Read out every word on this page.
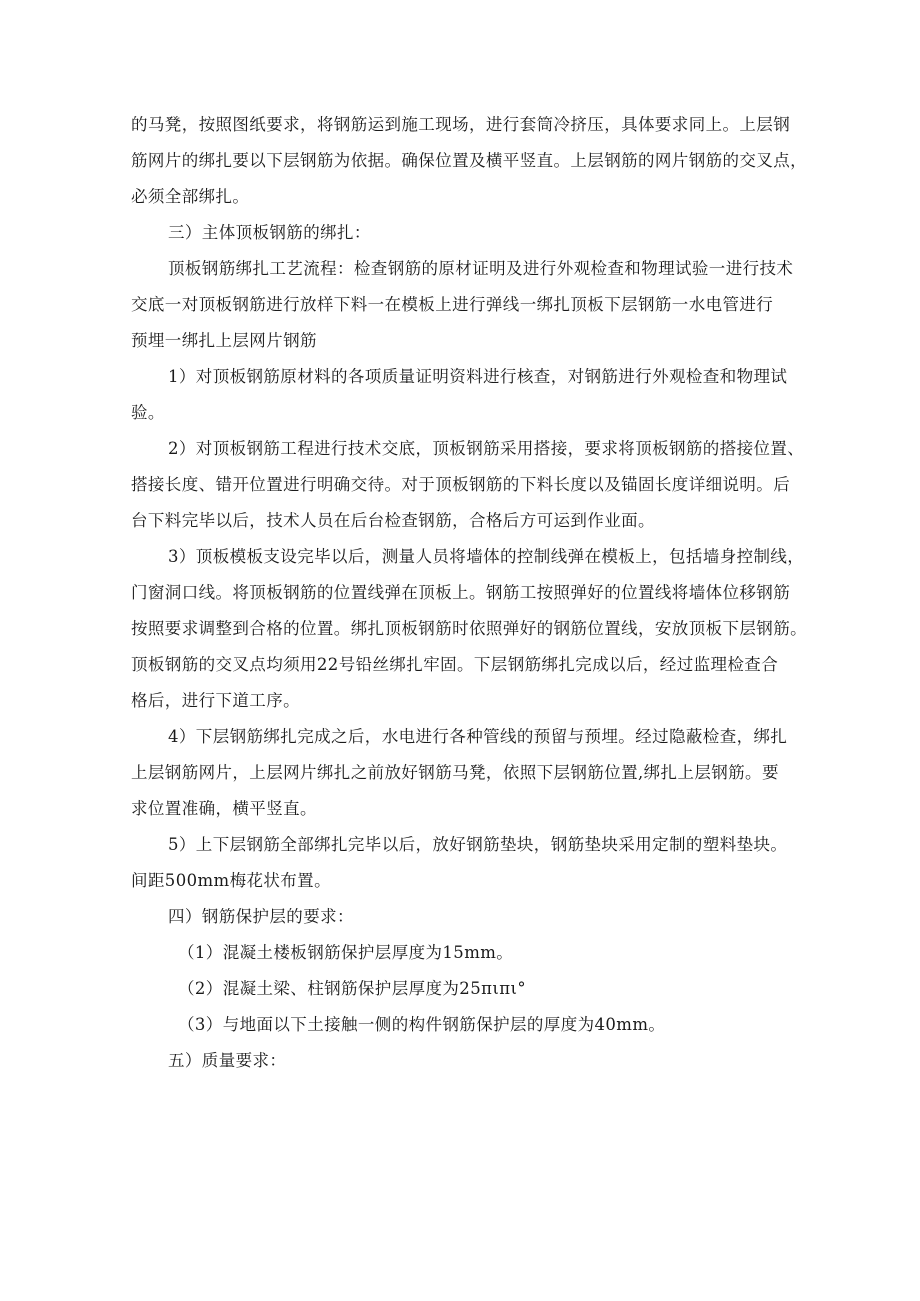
的马凳，按照图纸要求，将钢筋运到施工现场，进行套筒冷挤压，具体要求同上。上层钢
筋网片的绑扎要以下层钢筋为依据。确保位置及横平竖直。上层钢筋的网片钢筋的交叉点，
必须全部绑扎。
三）主体顶板钢筋的绑扎：
顶板钢筋绑扎工艺流程：检查钢筋的原材证明及进行外观检查和物理试验一进行技术
交底一对顶板钢筋进行放样下料一在模板上进行弹线一绑扎顶板下层钢筋一水电管进行
预埋一绑扎上层网片钢筋
1）对顶板钢筋原材料的各项质量证明资料进行核查，对钢筋进行外观检查和物理试
验。
2）对顶板钢筋工程进行技术交底，顶板钢筋采用搭接，要求将顶板钢筋的搭接位置、
搭接长度、错开位置进行明确交待。对于顶板钢筋的下料长度以及锚固长度详细说明。后
台下料完毕以后，技术人员在后台检查钢筋，合格后方可运到作业面。
3）顶板模板支设完毕以后，测量人员将墙体的控制线弹在模板上，包括墙身控制线，
门窗洞口线。将顶板钢筋的位置线弹在顶板上。钢筋工按照弹好的位置线将墙体位移钢筋
按照要求调整到合格的位置。绑扎顶板钢筋时依照弹好的钢筋位置线，安放顶板下层钢筋。
顶板钢筋的交叉点均须用22号铅丝绑扎牢固。下层钢筋绑扎完成以后，经过监理检查合
格后，进行下道工序。
4）下层钢筋绑扎完成之后，水电进行各种管线的预留与预埋。经过隐蔽检查，绑扎
上层钢筋网片，上层网片绑扎之前放好钢筋马凳，依照下层钢筋位置,绑扎上层钢筋。要
求位置准确，横平竖直。
5）上下层钢筋全部绑扎完毕以后，放好钢筋垫块，钢筋垫块采用定制的塑料垫块。
间距500mm梅花状布置。
四）钢筋保护层的要求：
（1）混凝土楼板钢筋保护层厚度为15mm。
（2）混凝土梁、柱钢筋保护层厚度为25πιπι°
（3）与地面以下土接触一侧的构件钢筋保护层的厚度为40mm。
五）质量要求：
